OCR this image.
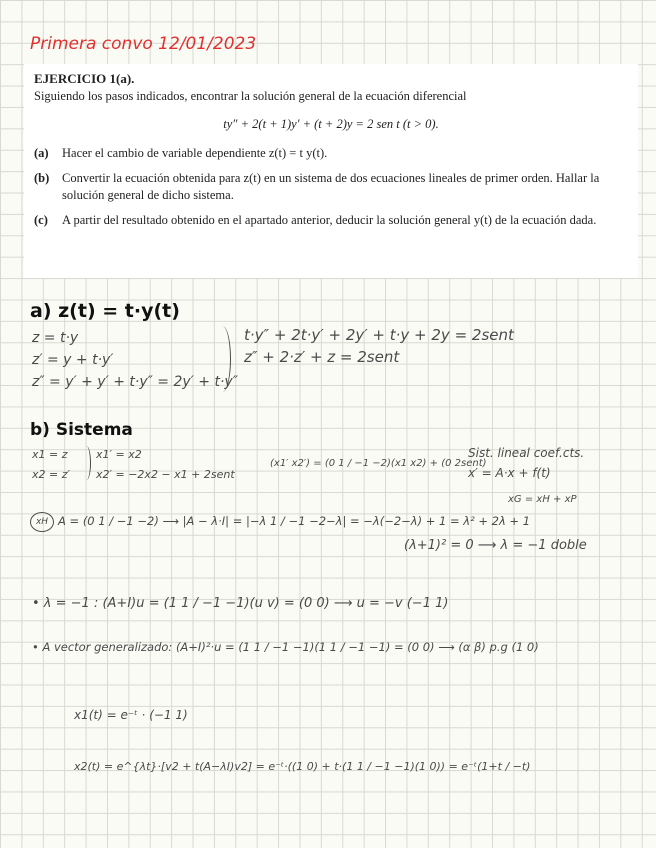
Primera convo 12/01/2023

EJERCICIO 1(a).

Siguiendo los pasos indicados, encontrar la solución general de la ecuación diferencial

ty″ + 2(t + 1)y′ + (t + 2)y = 2 sen t (t > 0).

(a)	Hacer el cambio de variable dependiente z(t) = t y(t).
(b)	Convertir la ecuación obtenida para z(t) en un sistema de dos ecuaciones lineales de primer orden. Hallar la solución general de dicho sistema.
(c)	A partir del resultado obtenido en el apartado anterior, deducir la solución general y(t) de la ecuación dada.
a) z(t) = t·y(t)
z = t·y
z′ = y + t·y′
z″ = y′ + y′ + t·y″ = 2y′ + t·y″
t·y″ + 2t·y′ + 2y′ + t·y + 2y = 2sent
z″ + 2·z′ + z = 2sent
b) Sistema
x1 = z
x2 = z′
x1′ = x2
x2′ = −2x2 − x1 + 2sent
(x1′ x2′) = (0 1 / −1 −2)(x1 x2) + (0 2sent)
Sist. lineal coef.cts.
x′ = A·x + f(t)
xG = xH + xP
xH A = (0 1 / −1 −2) ⟶ |A − λ·I| = |−λ 1 / −1 −2−λ| = −λ(−2−λ) + 1 = λ² + 2λ + 1
(λ+1)² = 0 ⟶ λ = −1 doble
• λ = −1 : (A+I)u = (1 1 / −1 −1)(u v) = (0 0) ⟶ u = −v (−1 1)
• A vector generalizado: (A+I)²·u = (1 1 / −1 −1)(1 1 / −1 −1) = (0 0) ⟶ (α β) p.g (1 0)
x1(t) = e⁻ᵗ · (−1 1)
x2(t) = e^{λt}·[v2 + t(A−λI)v2] = e⁻ᵗ·((1 0) + t·(1 1 / −1 −1)(1 0)) = e⁻ᵗ(1+t / −t)
